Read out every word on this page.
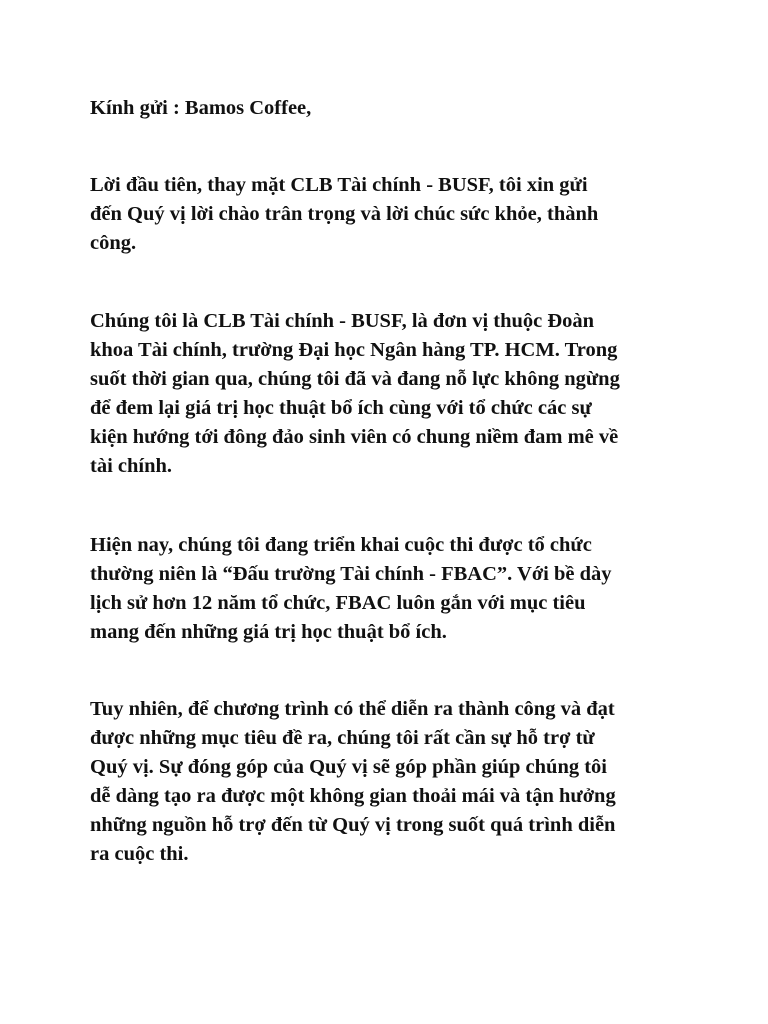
Kính gửi : Bamos Coffee,

Lời đầu tiên, thay mặt CLB Tài chính - BUSF, tôi xin gửi
đến Quý vị lời chào trân trọng và lời chúc sức khỏe, thành
công.

Chúng tôi là CLB Tài chính - BUSF, là đơn vị thuộc Đoàn
khoa Tài chính, trường Đại học Ngân hàng TP. HCM. Trong
suốt thời gian qua, chúng tôi đã và đang nỗ lực không ngừng
để đem lại giá trị học thuật bổ ích cùng với tổ chức các sự
kiện hướng tới đông đảo sinh viên có chung niềm đam mê về
tài chính.

Hiện nay, chúng tôi đang triển khai cuộc thi được tổ chức
thường niên là “Đấu trường Tài chính - FBAC”. Với bề dày
lịch sử hơn 12 năm tổ chức, FBAC luôn gắn với mục tiêu
mang đến những giá trị học thuật bổ ích.

Tuy nhiên, để chương trình có thể diễn ra thành công và đạt
được những mục tiêu đề ra, chúng tôi rất cần sự hỗ trợ từ
Quý vị. Sự đóng góp của Quý vị sẽ góp phần giúp chúng tôi
dễ dàng tạo ra được một không gian thoải mái và tận hưởng
những nguồn hỗ trợ đến từ Quý vị trong suốt quá trình diễn
ra cuộc thi.
